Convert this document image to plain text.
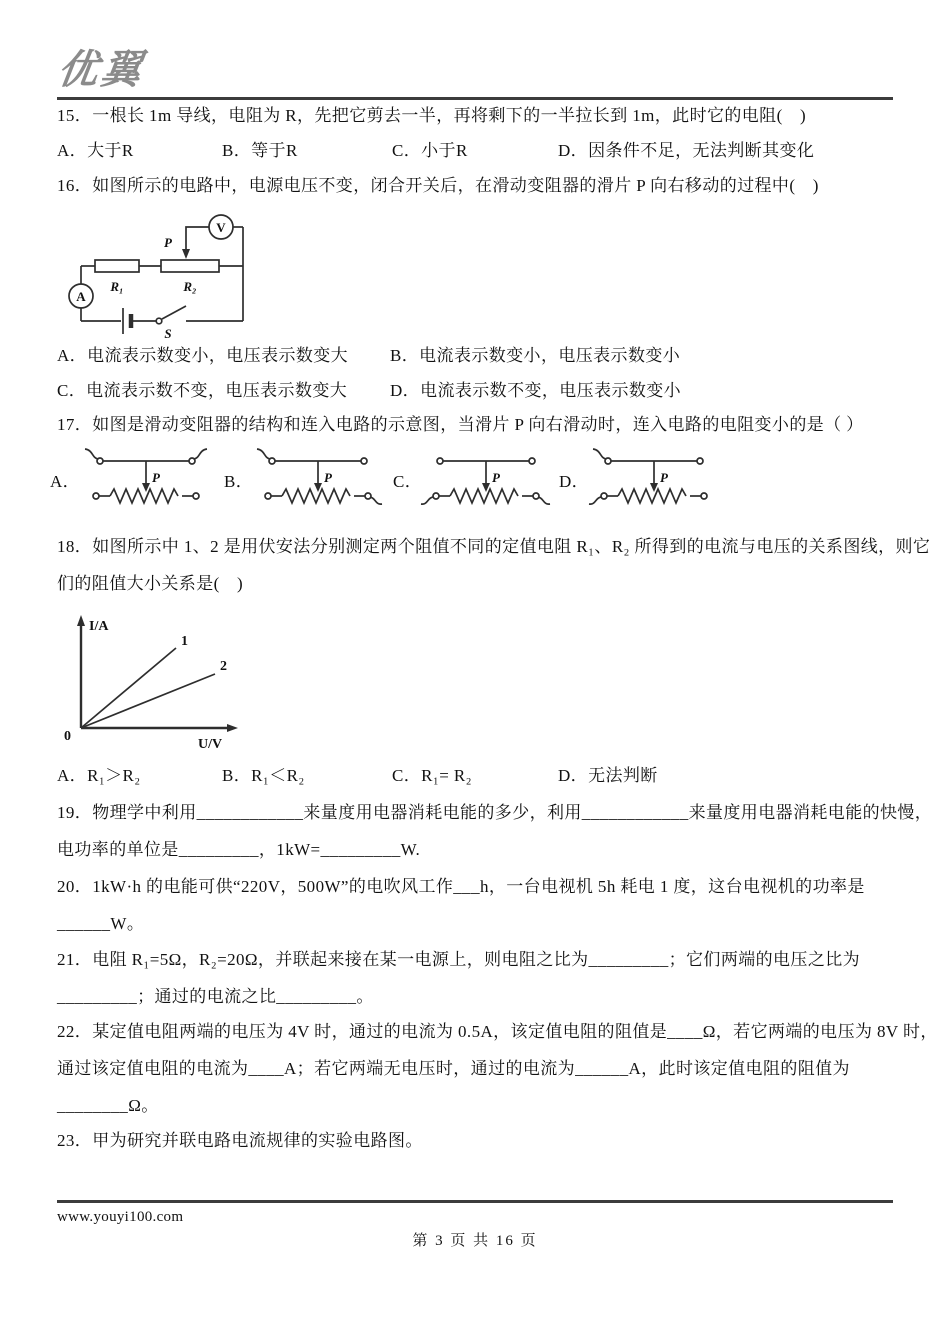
优翼
15．一根长 1m 导线，电阻为 R，先把它剪去一半，再将剩下的一半拉长到 1m，此时它的电阻(　)
A．大于R	B．等于R	C．小于R	D．因条件不足，无法判断其变化
16．如图所示的电路中，电源电压不变，闭合开关后，在滑动变阻器的滑片 P 向右移动的过程中(　)
V
P
R₁	R₂
A
S
A．电流表示数变小，电压表示数变大 B．电流表示数变小，电压表示数变小
C．电流表示数不变，电压表示数变大	D．电流表示数不变，电压表示数变小
17．如图是滑动变阻器的结构和连入电路的示意图，当滑片 P 向右滑动时，连入电路的电阻变小的是（ ）
A．	B．	C．	D．
P	P	P	P
18．如图所示中 1、2 是用伏安法分别测定两个阻值不同的定值电阻 R₁、R₂ 所得到的电流与电压的关系图线，则它
们的阻值大小关系是(　)
I/A
U/V
0
1
2
A．R₁＞R₂	B．R₁＜R₂	C．R₁= R₂	D．无法判断
19．物理学中利用____________来量度用电器消耗电能的多少，利用____________来量度用电器消耗电能的快慢，
电功率的单位是_________，1kW=_________W.
20．1kW·h 的电能可供“220V，500W”的电吹风工作___h，一台电视机 5h 耗电 1 度，这台电视机的功率是
______W。
21．电阻 R₁=5Ω，R₂=20Ω，并联起来接在某一电源上，则电阻之比为_________；它们两端的电压之比为
_________；通过的电流之比_________。
22．某定值电阻两端的电压为 4V 时，通过的电流为 0.5A，该定值电阻的阻值是____Ω，若它两端的电压为 8V 时，
通过该定值电阻的电流为____A；若它两端无电压时，通过的电流为______A，此时该定值电阻的阻值为
________Ω。
23．甲为研究并联电路电流规律的实验电路图。
www.youyi100.com
第 3 页 共 16 页
